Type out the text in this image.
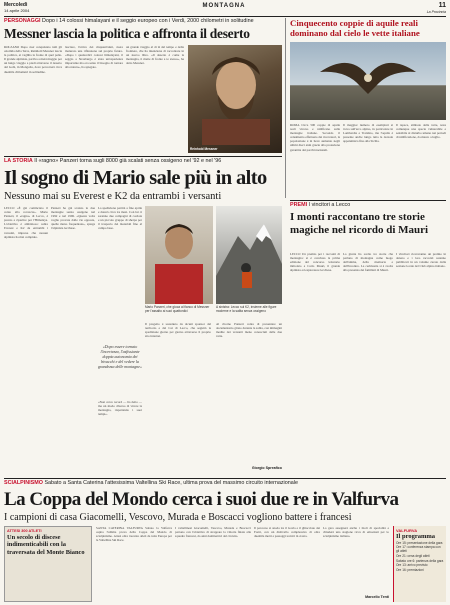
Mercoledì
14 aprile 2004
MONTAGNA	11
La Provincia
PERSONAGGI Dopo i 14 colossi himalayani e il seggio europeo con i Verdi, 2000 chilometri in solitudine
Messner lascia la politica e affronta il deserto

ROLZANO Dopo aver conquistato tutti gli ottomila della Terra, Reinhold Messner lascia la politica, ai vagliha la fronte di quel palio. Il grande alpinista, partiva a metà maggio per un lungo viaggio a piedi attraverso il deserto del Gobi, in Mongolia, dove percorrerà circa duemila chilometri in solitudine.

lasciare, l'arrivo dei cinquant'anni, avere maturato una riflessione sul proprio futuro. «Dopo i quattordici colossi himalayani, il seggio a Strasburgo è stata un'esperienza importante ma ora sento il bisogno di tornare alla natura», ha spiegato.

un grande viaggio al di là del tempo e delle frontiere, che ha intenzione di raccontare in un nuovo libro. «Il deserto è come la montagna, ti mette di fronte a te stesso», ha detto Messner.

Reinhold Messner
Cinquecento coppie di aquile reali dominano dal cielo le vette italiane

ROMA Circa 500 coppie di aquile reali vivono e nidificano sulle montagne italiane. Secondo il censimento effettuato dai ricercatori, la popolazione è in lieve aumento negli ultimi dieci anni grazie alla protezione garantita dai parchi nazionali.

Il maggior numero di esemplari si trova sull'arco alpino, in particolare in Lombardia e Trentino, ma l'aquila è presente anche lungo tutta la dorsale appenninica fino alla Sicilia.

Il rapace, simbolo delle vette, resta comunque una specie vulnerabile e sensibile al disturbo umano nei periodi di nidificazione, da marzo a luglio.

LA STORIA Il «ragno» Panzeri torna sugli 8000 già scalati senza ossigeno nel '92 e nel '96
Il sogno di Mario sale più in alto
Nessuno mai su Everest e K2 da entrambi i versanti

LECCO «È già cominciato il conto alla rovescia». Mario Panzeri, il «ragno» di Lecco, è pronto a ripartire per l'Himalaya. L'obiettivo è ambizioso: salire Everest e K2 da entrambi i versanti, impresa che nessun alpinista ha mai compiuto.

Panzeri ha già scalato le due montagne senza ossigeno nel 1992 e nel 1996. «Questa volta voglio provare dalle vie opposte, quelle meno frequentate», spiega l'alpinista lecchese.

La spedizione partirà a fine aprile e durerà circa tre mesi. Con lui ci saranno due compagni di cordata e un piccolo gruppo di sherpa per il trasporto dei materiali fino al campo base.

«Dopo essere tornato l'incertezza, l'asfissiante doppia autonomia dei bivacchi e del vedere la grandezza delle montagne»

«Non cerco record — ha detto — ma un modo diverso di vivere la montagna, rispettando i suoi tempi».

Mario Panzeri, che gioca al fianco di Messner per l'assalto ai suoi quattordici
A sinistra: Lecco sul K2, insieme alle figure moderne e la salita senza ossigeno

Il progetto è sostenuto da alcuni sponsor del territorio e dal Cai di Lecco, che seguirà la spedizione giorno per giorno attraverso il proprio sito internet.

Al ritorno Panzeri conta di presentare un documentario girato durante la salita, con immagini inedite dei versanti meno conosciuti delle due vette.

Giorgio Spreafico
PREMI I vincitori a Lecco
I monti raccontano tre storie magiche nel ricordo di Mauri

LECCO Un premio per i racconti di montagna: si è conclusa la prima edizione del concorso letterario intitolato a Carlo Mauri, il grande alpinista ed esploratore lecchese.

La giuria ha scelto tre storie che parlano di montagna come luogo dell'anima, della memoria e dell'incontro. La cerimonia si è svolta alla presenza dei familiari di Mauri.

I vincitori riceveranno un premio in denaro e i loro racconti saranno pubblicati in un volume curato dalla sezione locale del Club alpino italiano.

SCIALPINISMO Sabato a Santa Caterina l'attesissima Valtellina Ski Race, ultima prova del massimo circuito internazionale
La Coppa del Mondo cerca i suoi due re in Valfurva
I campioni di casa Giacomelli, Vescovo, Murada e Boscacci vogliono battere i francesi
ATTESI 300 ATLETI
Un secolo di discese indimenticabili con la traversata del Monte Bianco

SANTA CATERINA VALFURVA Sabato la Valfurva ospita l'ultima prova della Coppa del Mondo di scialpinismo. Attesi oltre trecento atleti da tutta Europa per la Valtellina Ski Race.

I valtellinesi Giacomelli, Vescovo, Murada e Boscacci partono con l'obiettivo di strappare la vittoria finale alle squadre francesi, da anni dominatrici del circuito.

Il percorso si snoda tra il Gavia e il ghiacciaio dei Forni, con un dislivello complessivo di oltre duemila metri e passaggi tecnici in cresta.

La gara assegnerà anche i titoli di specialità e chiuderà una stagione ricca di emozioni per lo scialpinismo italiano.

Marcello Tenti
VALFURVA
Il programma
Ore 15: presentazione della gara
Ore 17: conferenza stampa con gli atleti
Ore 21: cena degli atleti
Sabato ore 6: partenza della gara
Ore 13: arrivo previsto
Ore 16: premiazioni
